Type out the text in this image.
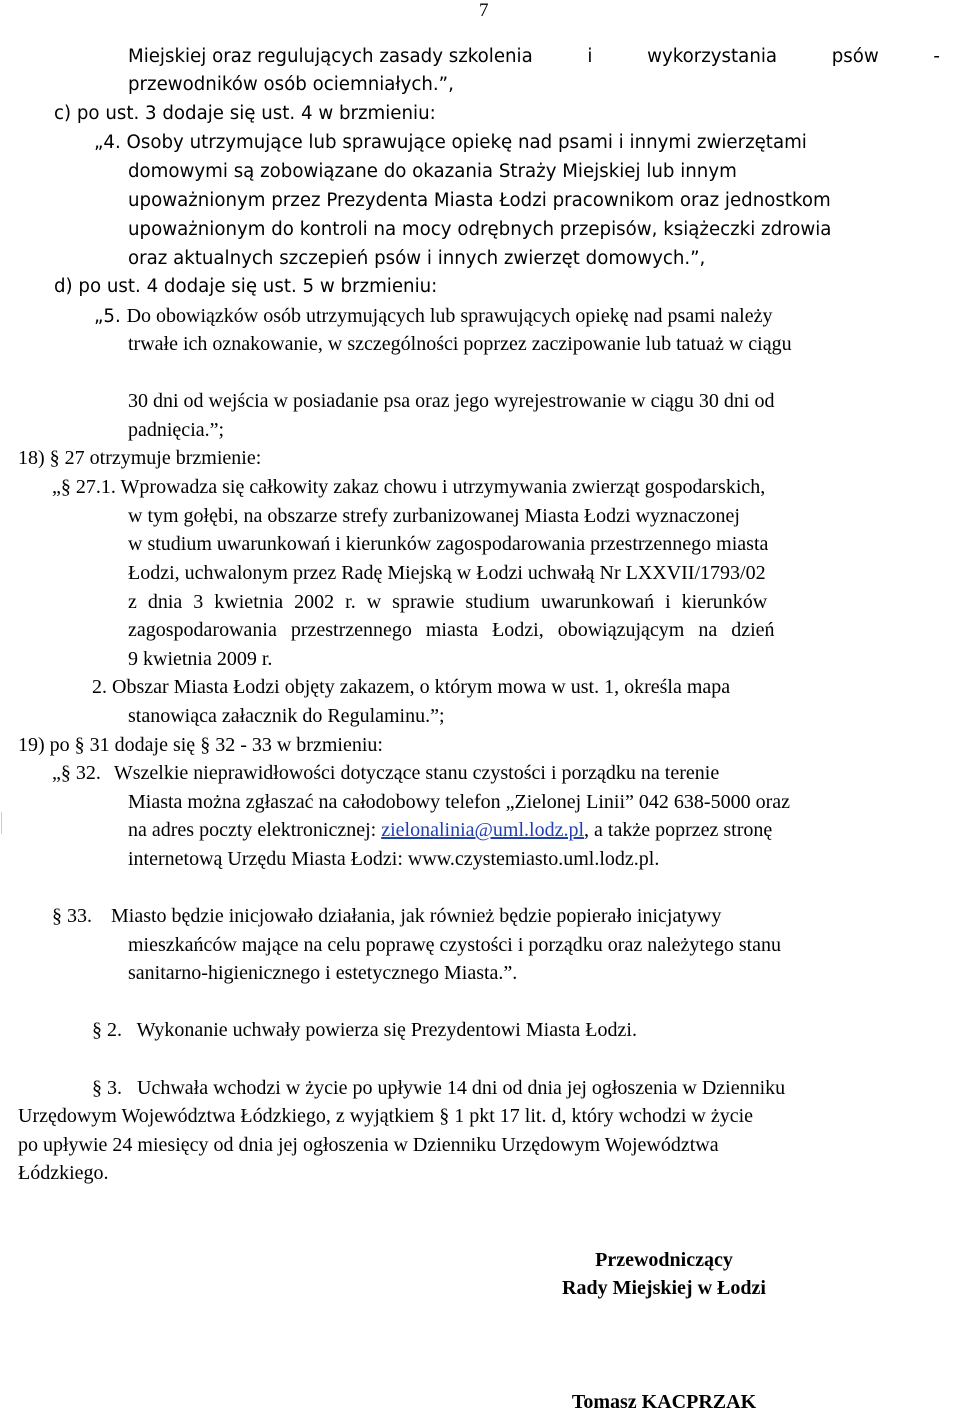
7
Miejskiej oraz regulujących zasady szkolenia	i	wykorzystania	psów	-
przewodników osób ociemniałych.”,
c) po ust. 3 dodaje się ust. 4 w brzmieniu:
„4. Osoby utrzymujące lub sprawujące opiekę nad psami i innymi zwierzętami
domowymi są zobowiązane do okazania Straży Miejskiej lub innym
upoważnionym przez Prezydenta Miasta Łodzi pracownikom oraz jednostkom
upoważnionym do kontroli na mocy odrębnych przepisów, książeczki zdrowia
oraz aktualnych szczepień psów i innych zwierzęt domowych.”,
d) po ust. 4 dodaje się ust. 5 w brzmieniu:
„5. Do obowiązków osób utrzymujących lub sprawujących opiekę nad psami należy
trwałe ich oznakowanie, w szczególności poprzez zaczipowanie lub tatuaż w ciągu
30 dni od wejścia w posiadanie psa oraz jego wyrejestrowanie w ciągu 30 dni od
padnięcia.”;
18) § 27 otrzymuje brzmienie:
„§ 27.1. Wprowadza się całkowity zakaz chowu i utrzymywania zwierząt gospodarskich,
w tym gołębi, na obszarze strefy zurbanizowanej Miasta Łodzi wyznaczonej
w studium uwarunkowań i kierunków zagospodarowania przestrzennego miasta
Łodzi, uchwalonym przez Radę Miejską w Łodzi uchwałą Nr LXXVII/1793/02
z dnia 3 kwietnia 2002 r. w sprawie studium uwarunkowań i kierunków
zagospodarowania przestrzennego miasta Łodzi, obowiązującym na dzień
9 kwietnia 2009 r.
2. Obszar Miasta Łodzi objęty zakazem, o którym mowa w ust. 1, określa mapa
stanowiąca załacznik do Regulaminu.”;
19) po § 31 dodaje się § 32 - 33 w brzmieniu:
„§ 32. Wszelkie nieprawidłowości dotyczące stanu czystości i porządku na terenie
Miasta można zgłaszać na całodobowy telefon „Zielonej Linii” 042 638-5000 oraz
na adres poczty elektronicznej: zielonalinia@uml.lodz.pl, a także poprzez stronę
internetową Urzędu Miasta Łodzi: www.czystemiasto.uml.lodz.pl.
§ 33. Miasto będzie inicjowało działania, jak również będzie popierało inicjatywy
mieszkańców mające na celu poprawę czystości i porządku oraz należytego stanu
sanitarno-higienicznego i estetycznego Miasta.”.
§ 2.   Wykonanie uchwały powierza się Prezydentowi Miasta Łodzi.
§ 3.   Uchwała wchodzi w życie po upływie 14 dni od dnia jej ogłoszenia w Dzienniku
Urzędowym Województwa Łódzkiego, z wyjątkiem § 1 pkt 17 lit. d, który wchodzi w życie
po upływie 24 miesięcy od dnia jej ogłoszenia w Dzienniku Urzędowym Województwa
Łódzkiego.
Przewodniczący
Rady Miejskiej w Łodzi
Tomasz KACPRZAK
